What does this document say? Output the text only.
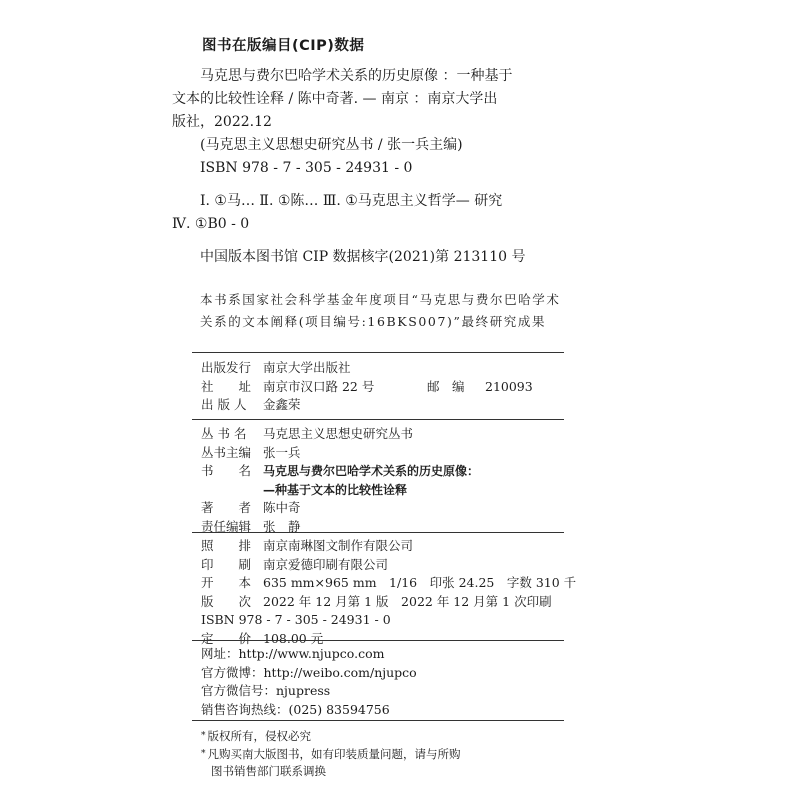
图书在版编目(CIP)数据
马克思与费尔巴哈学术关系的历史原像 ：一种基于
文本的比较性诠释 / 陈中奇著. — 南京 ：南京大学出
版社，2022.12
(马克思主义思想史研究丛书 / 张一兵主编)
ISBN 978 - 7 - 305 - 24931 - 0
Ⅰ. ①马… Ⅱ. ①陈… Ⅲ. ①马克思主义哲学— 研究
Ⅳ. ①B0 - 0
中国版本图书馆 CIP 数据核字(2021)第 213110 号
本书系国家社会科学基金年度项目“马克思与费尔巴哈学术
关系的文本阐释(项目编号:16BKS007)”最终研究成果
出版发行 南京大学出版社
社　　址 南京市汉口路 22 号	邮　编	210093
出 版 人	金鑫荣
丛 书 名	马克思主义思想史研究丛书
丛书主编 张一兵
书　　名 马克思与费尔巴哈学术关系的历史原像：
—种基于文本的比较性诠释
著　　者 陈中奇
责任编辑 张　静
照　　排 南京南琳图文制作有限公司
印　　刷 南京爱德印刷有限公司
开　　本 635 mm×965 mm　1/16　印张 24.25　字数 310 千
版　　次 2022 年 12 月第 1 版　2022 年 12 月第 1 次印刷
ISBN 978 - 7 - 305 - 24931 - 0
定　　价 108.00 元
网址：http://www.njupco.com
官方微博：http://weibo.com/njupco
官方微信号：njupress
销售咨询热线：(025) 83594756
* 版权所有，侵权必究
* 凡购买南大版图书，如有印装质量问题，请与所购
图书销售部门联系调换
